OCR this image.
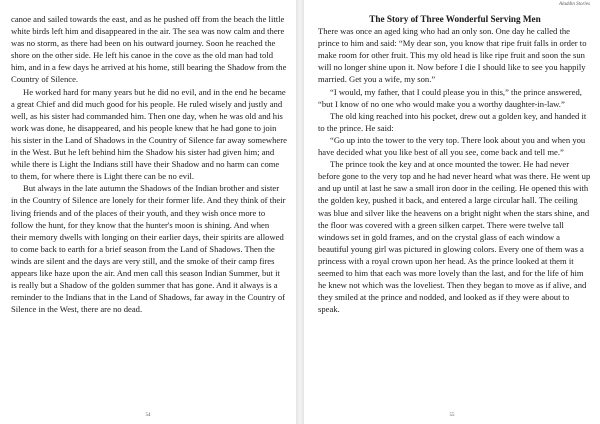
canoe and sailed towards the east, and as he pushed off from the beach the little white birds left him and disappeared in the air. The sea was now calm and there was no storm, as there had been on his outward journey. Soon he reached the shore on the other side. He left his canoe in the cove as the old man had told him, and in a few days he arrived at his home, still bearing the Shadow from the Country of Silence.

He worked hard for many years but he did no evil, and in the end he became a great Chief and did much good for his people. He ruled wisely and justly and well, as his sister had commanded him. Then one day, when he was old and his work was done, he disappeared, and his people knew that he had gone to join his sister in the Land of Shadows in the Country of Silence far away somewhere in the West. But he left behind him the Shadow his sister had given him; and while there is Light the Indians still have their Shadow and no harm can come to them, for where there is Light there can be no evil.

But always in the late autumn the Shadows of the Indian brother and sister in the Country of Silence are lonely for their former life. And they think of their living friends and of the places of their youth, and they wish once more to follow the hunt, for they know that the hunter's moon is shining. And when their memory dwells with longing on their earlier days, their spirits are allowed to come back to earth for a brief season from the Land of Shadows. Then the winds are silent and the days are very still, and the smoke of their camp fires appears like haze upon the air. And men call this season Indian Summer, but it is really but a Shadow of the golden summer that has gone. And it always is a reminder to the Indians that in the Land of Shadows, far away in the Country of Silence in the West, there are no dead.

54
Aladdin Stories
The Story of Three Wonderful Serving Men

There was once an aged king who had an only son. One day he called the prince to him and said: “My dear son, you know that ripe fruit falls in order to make room for other fruit. This my old head is like ripe fruit and soon the sun will no longer shine upon it. Now before I die I should like to see you happily married. Get you a wife, my son.”

“I would, my father, that I could please you in this,” the prince answered, “but I know of no one who would make you a worthy daughter-in-law.”

The old king reached into his pocket, drew out a golden key, and handed it to the prince. He said:

“Go up into the tower to the very top. There look about you and when you have decided what you like best of all you see, come back and tell me.”

The prince took the key and at once mounted the tower. He had never before gone to the very top and he had never heard what was there. He went up and up until at last he saw a small iron door in the ceiling. He opened this with the golden key, pushed it back, and entered a large circular hall. The ceiling was blue and silver like the heavens on a bright night when the stars shine, and the floor was covered with a green silken carpet. There were twelve tall windows set in gold frames, and on the crystal glass of each window a beautiful young girl was pictured in glowing colors. Every one of them was a princess with a royal crown upon her head. As the prince looked at them it seemed to him that each was more lovely than the last, and for the life of him he knew not which was the loveliest. Then they began to move as if alive, and they smiled at the prince and nodded, and looked as if they were about to speak.

55
